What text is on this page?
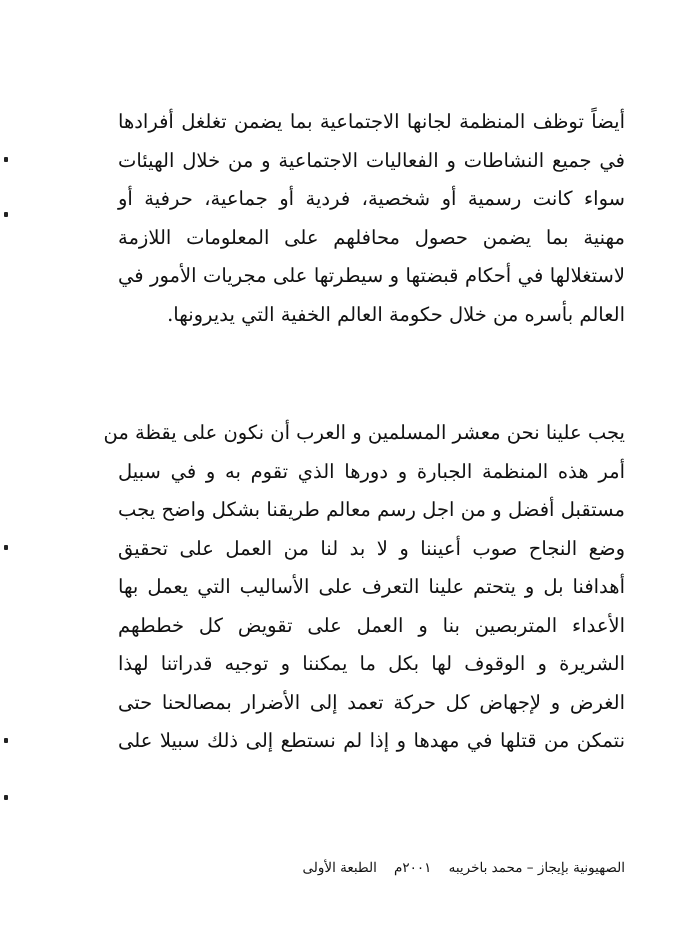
أيضاً توظف المنظمة لجانها الاجتماعية بما يضمن تغلغل أفرادها
في جميع النشاطات و الفعاليات الاجتماعية و من خلال الهيئات
سواء كانت رسمية أو شخصية، فردية أو جماعية، حرفية أو
مهنية بما يضمن حصول محافلهم على المعلومات اللازمة
لاستغلالها في أحكام قبضتها و سيطرتها على مجريات الأمور في
العالم بأسره من خلال حكومة العالم الخفية التي يديرونها.
يجب علينا نحن معشر المسلمين و العرب أن نكون على يقظة من
أمر هذه المنظمة الجبارة و دورها الذي تقوم به و في سبيل
مستقبل أفضل و من اجل رسم معالم طريقنا بشكل واضح يجب
وضع النجاح صوب أعيننا و لا بد لنا من العمل على تحقيق
أهدافنا بل و يتحتم علينا التعرف على الأساليب التي يعمل بها
الأعداء المتربصين بنا و العمل على تقويض كل خططهم
الشريرة و الوقوف لها بكل ما يمكننا و توجيه قدراتنا لهذا
الغرض و لإجهاض كل حركة تعمد إلى الأضرار بمصالحنا حتى
نتمكن من قتلها في مهدها و إذا لم نستطع إلى ذلك سبيلا على
الصهيونية بإيجاز – محمد باخريبه    ٢٠٠١م    الطبعة الأولى
